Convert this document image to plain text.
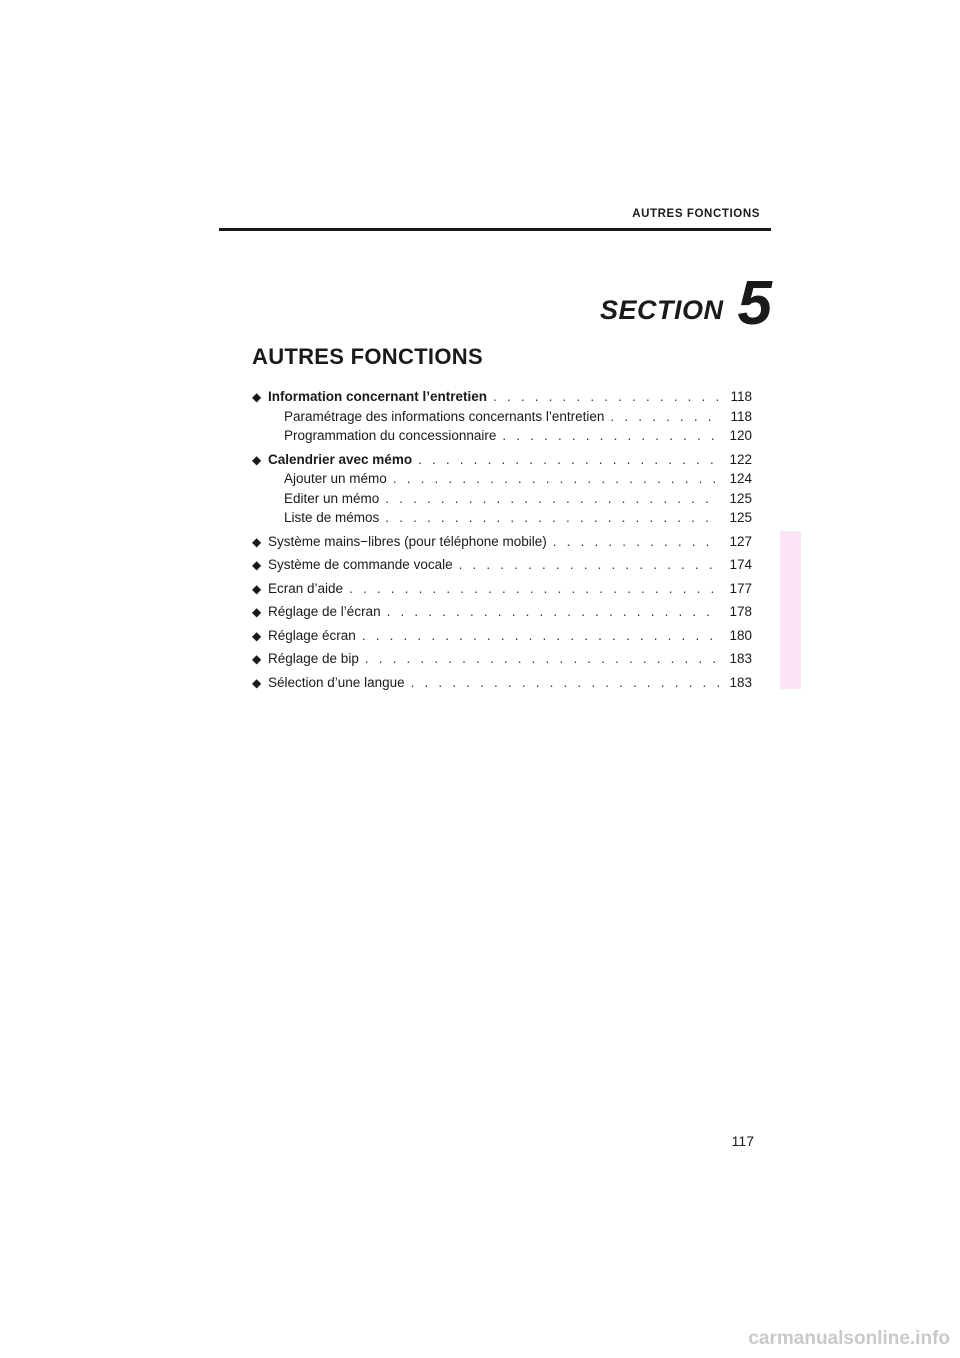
AUTRES FONCTIONS
SECTION 5
AUTRES FONCTIONS
◆ Information concernant l’entretien . . .	118
Paramétrage des informations concernants l’entretien . . .	118
Programmation du concessionnaire . . .	120
◆ Calendrier avec mémo . . .	122
Ajouter un mémo . . .	124
Editer un mémo . . .	125
Liste de mémos . . .	125
◆ Système mains−libres (pour téléphone mobile) . . .	127
◆ Système de commande vocale . . .	174
◆ Ecran d’aide . . .	177
◆ Réglage de l’écran . . .	178
◆ Réglage écran . . .	180
◆ Réglage de bip . . .	183
◆ Sélection d’une langue . . .	183
117
carmanualsonline.info
